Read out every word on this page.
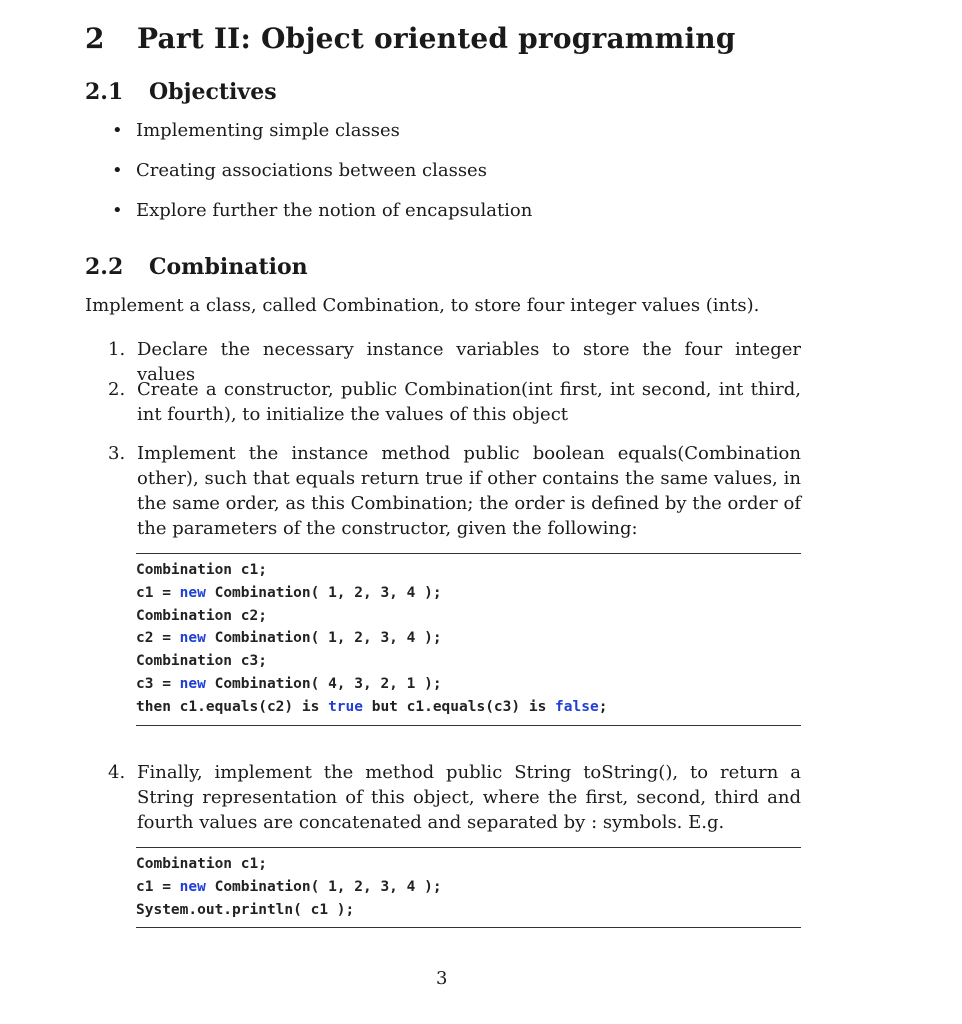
2 Part II: Object oriented programming
2.1 Objectives
• Implementing simple classes
• Creating associations between classes
• Explore further the notion of encapsulation
2.2 Combination
Implement a class, called Combination, to store four integer values (ints).
1. Declare the necessary instance variables to store the four integer values
2. Create a constructor, public Combination(int first, int second, int third, int fourth), to initialize the values of this object
3. Implement the instance method public boolean equals(Combination other), such that equals return true if other contains the same values, in the same order, as this Combination; the order is defined by the order of the parameters of the constructor, given the following:
Combination c1;
c1 = new Combination( 1, 2, 3, 4 );
Combination c2;
c2 = new Combination( 1, 2, 3, 4 );
Combination c3;
c3 = new Combination( 4, 3, 2, 1 );
then c1.equals(c2) is true but c1.equals(c3) is false;
4. Finally, implement the method public String toString(), to return a String representation of this object, where the first, second, third and fourth values are concatenated and separated by : symbols. E.g.
Combination c1;
c1 = new Combination( 1, 2, 3, 4 );
System.out.println( c1 );
3
